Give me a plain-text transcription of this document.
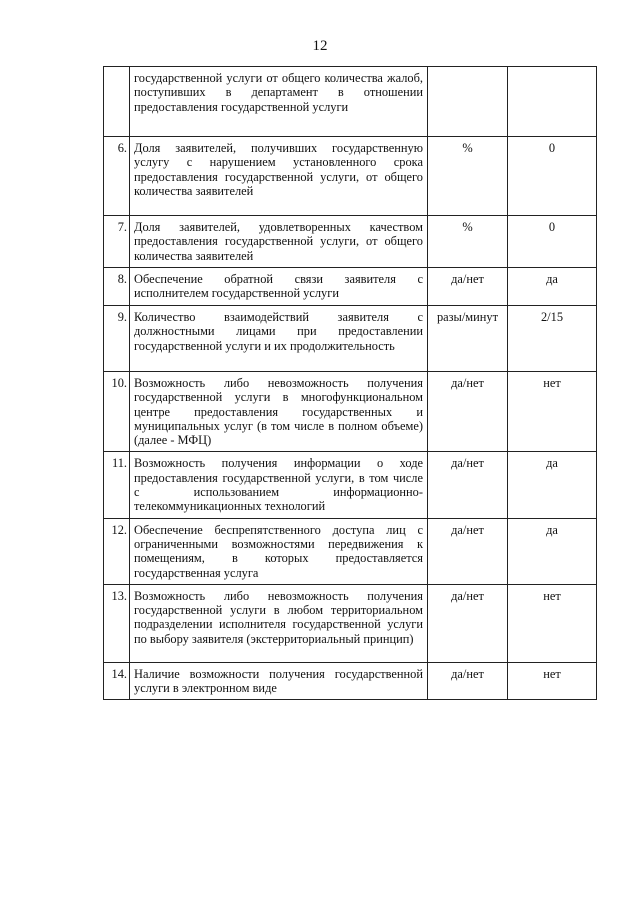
12
	государственной услуги от общего количества жалоб, поступивших в департамент в отношении предоставления государственной услуги		
6.	Доля заявителей, получивших государственную услугу с нарушением установленного срока предоставления государственной услуги, от общего количества заявителей	%	0
7.	Доля заявителей, удовлетворенных качеством предоставления государственной услуги, от общего количества заявителей	%	0
8.	Обеспечение обратной связи заявителя с исполнителем государственной услуги	да/нет	да
9.	Количество взаимодействий заявителя с должностными лицами при предоставлении государственной услуги и их продолжительность	разы/минут	2/15
10.	Возможность либо невозможность получения государственной услуги в многофункциональном центре предоставления государственных и муниципальных услуг (в том числе в полном объеме) (далее - МФЦ)	да/нет	нет
11.	Возможность получения информации о ходе предоставления государственной услуги, в том числе с использованием информационно-телекоммуникационных технологий	да/нет	да
12.	Обеспечение беспрепятственного доступа лиц с ограниченными возможностями передвижения к помещениям, в которых предоставляется государственная услуга	да/нет	да
13.	Возможность либо невозможность получения государственной услуги в любом территориальном подразделении исполнителя государственной услуги по выбору заявителя (экстерриториальный принцип)	да/нет	нет
14.	Наличие возможности получения государственной услуги в электронном виде	да/нет	нет
